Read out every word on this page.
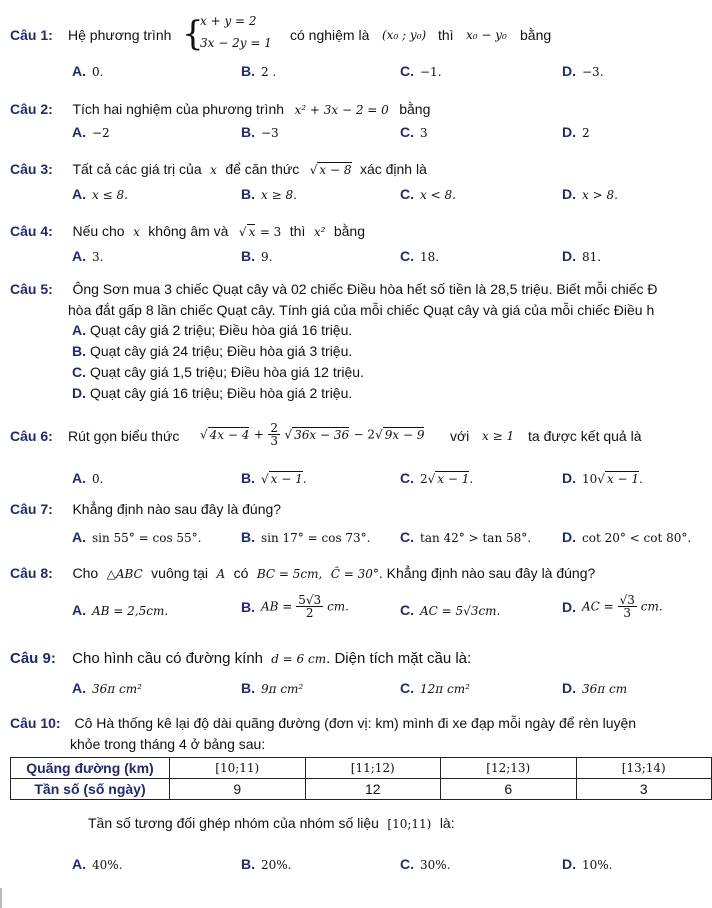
Câu 1: Hệ phương trình {
x + y = 2
3x − 2y = 1 có nghiệm là (x₀ ; y₀) thì x₀ − y₀ bằng
A. 0.	B. 2 .	C. −1.	D. −3.
Câu 2: Tích hai nghiệm của phương trình x² + 3x − 2 = 0 bằng
A. −2	B. −3	C. 3	D. 2
Câu 3: Tất cả các giá trị của x để căn thức √ x − 8 xác định là
A. x ≤ 8.	B. x ≥ 8.	C. x < 8.	D. x > 8.
Câu 4: Nếu cho x không âm và √ x = 3 thì x² bằng
A. 3.	B. 9.	C. 18.	D. 81.
Câu 5: Ông Sơn mua 3 chiếc Quạt cây và 02 chiếc Điều hòa hết số tiền là 28,5 triệu. Biết mỗi chiếc Đ
hòa đắt gấp 8 lần chiếc Quạt cây. Tính giá của mỗi chiếc Quạt cây và giá của mỗi chiếc Điều h
A. Quạt cây giá 2 triệu; Điều hòa giá 16 triệu.
B. Quạt cây giá 24 triệu; Điều hòa giá 3 triệu.
C. Quạt cây giá 1,5 triệu; Điều hòa giá 12 triệu.
D. Quạt cây giá 16 triệu; Điều hòa giá 2 triệu.
Câu 6: Rút gọn biểu thức √ $4x - 4 + \frac{2}{3}$ √ 36x − 36 − 2√ 9x − 9 với x ≥ 1 ta được kết quả là
A. 0.	B. √ x − 1.	C. 2√ x − 1.	D. 10√ x − 1.
Câu 7: Khẳng định nào sau đây là đúng?
A. sin 55° = cos 55°.	B. sin 17° = cos 73°. C. tan 42° > tan 58°. D. cot 20° < cot 80°.
Câu 8: Cho △ABC vuông tại A có BC = 5cm, Ĉ = 30°. Khẳng định nào sau đây là đúng?
A. AB = 2,5cm.	B. AB = $\frac{5√3}{2}$ cm.	C. AC = 5√3cm.	D. AC = $\frac{√3}{3}$ cm.
Câu 9: Cho hình cầu có đường kính d = 6 cm. Diện tích mặt cầu là:
A. 36π cm²	B. 9π cm²	C. 12π cm²	D. 36π cm
Câu 10: Cô Hà thống kê lại độ dài quãng đường (đơn vị: km) mình đi xe đạp mỗi ngày để rèn luyện
khỏe trong tháng 4 ở bảng sau:
Quãng đường (km)	[10;11)	[11;12)	[12;13)	[13;14)
Tần số (số ngày)	9	12	6	3
Tần số tương đối ghép nhóm của nhóm số liệu [10;11) là:
A. 40%.	B. 20%.	C. 30%.	D. 10%.
